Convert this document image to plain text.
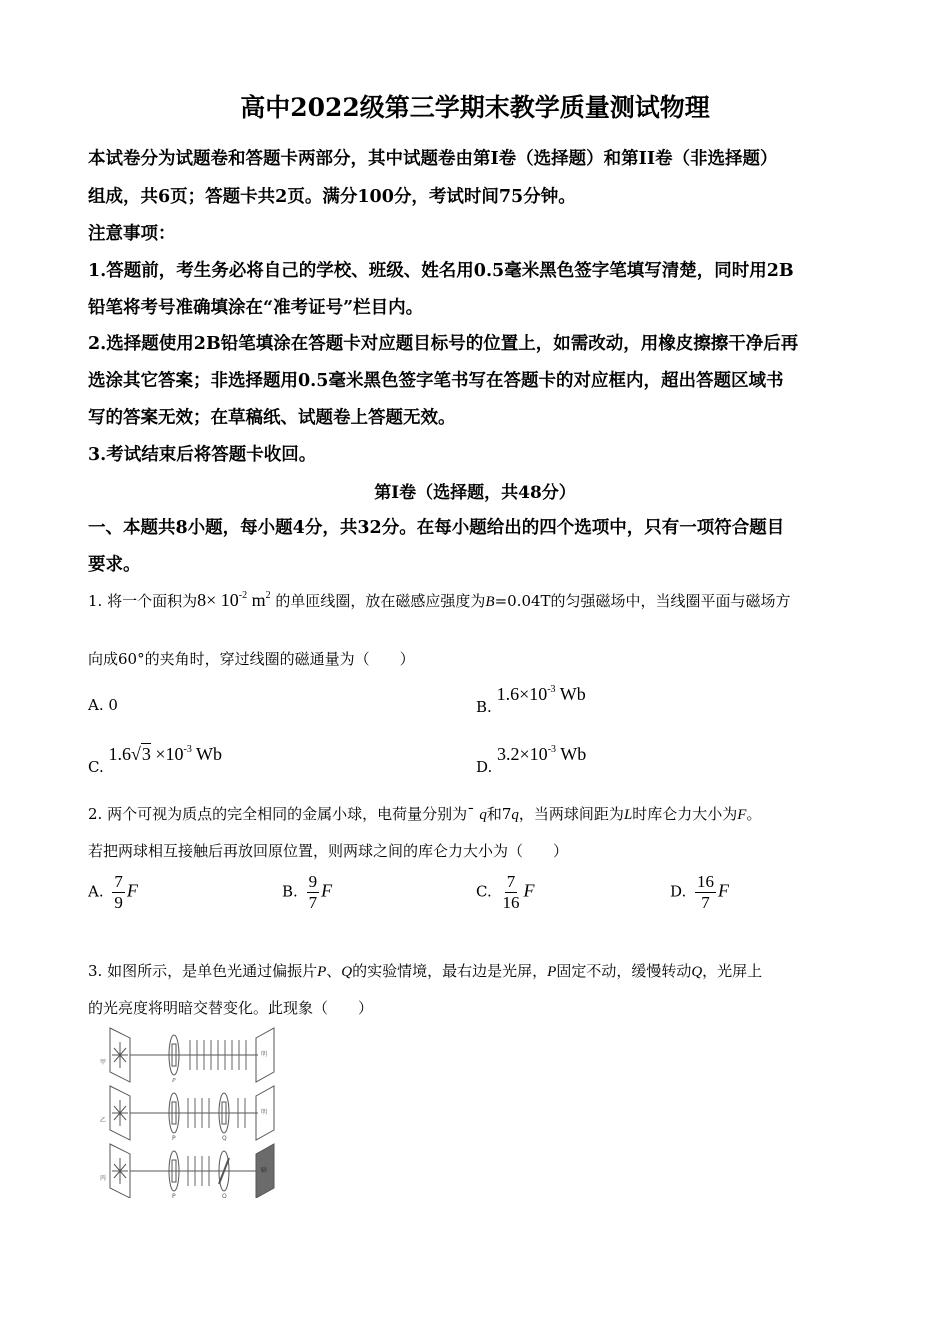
高中2022级第三学期末教学质量测试物理
本试卷分为试题卷和答题卡两部分，其中试题卷由第I卷（选择题）和第II卷（非选择题）
组成，共6页；答题卡共2页。满分100分，考试时间75分钟。
注意事项：
1.答题前，考生务必将自己的学校、班级、姓名用0.5毫米黑色签字笔填写清楚，同时用2B
铅笔将考号准确填涂在“准考证号”栏目内。
2.选择题使用2B铅笔填涂在答题卡对应题目标号的位置上，如需改动，用橡皮擦擦干净后再
选涂其它答案；非选择题用0.5毫米黑色签字笔书写在答题卡的对应框内，超出答题区域书
写的答案无效；在草稿纸、试题卷上答题无效。
3.考试结束后将答题卡收回。
第I卷（选择题，共48分）
一、本题共8小题，每小题4分，共32分。在每小题给出的四个选项中，只有一项符合题目
要求。
1. 将一个面积为$8\times 10^{-2}$ $m^2$ 的单匝线圈，放在磁感应强度为B=0.04T的匀强磁场中，当线圈平面与磁场方
向成60°的夹角时，穿过线圈的磁通量为（　　）
A. 0	B. $1.6\times 10^{-3}$ Wb
C. $1.6√3 \times 10^{-3}$ Wb
D. $3.2\times 10^{-3}$ Wb
2. 两个可视为质点的完全相同的金属小球，电荷量分别为ˉ q和7q，当两球间距为L时库仑力大小为F。
若把两球相互接触后再放回原位置，则两球之间的库仑力大小为（　　）
A. $\frac{7}{9}$ F	B. $\frac{9}{7}$ F	C. $\frac{7}{16}$ F	D. $\frac{16}{7}$ F
3. 如图所示，是单色光通过偏振片P、Q的实验情境，最右边是光屏，P固定不动，缓慢转动Q，光屏上
的光亮度将明暗交替变化。此现象（　　）
甲
乙
丙
P
P	Q
P	Q
明
明
暗
